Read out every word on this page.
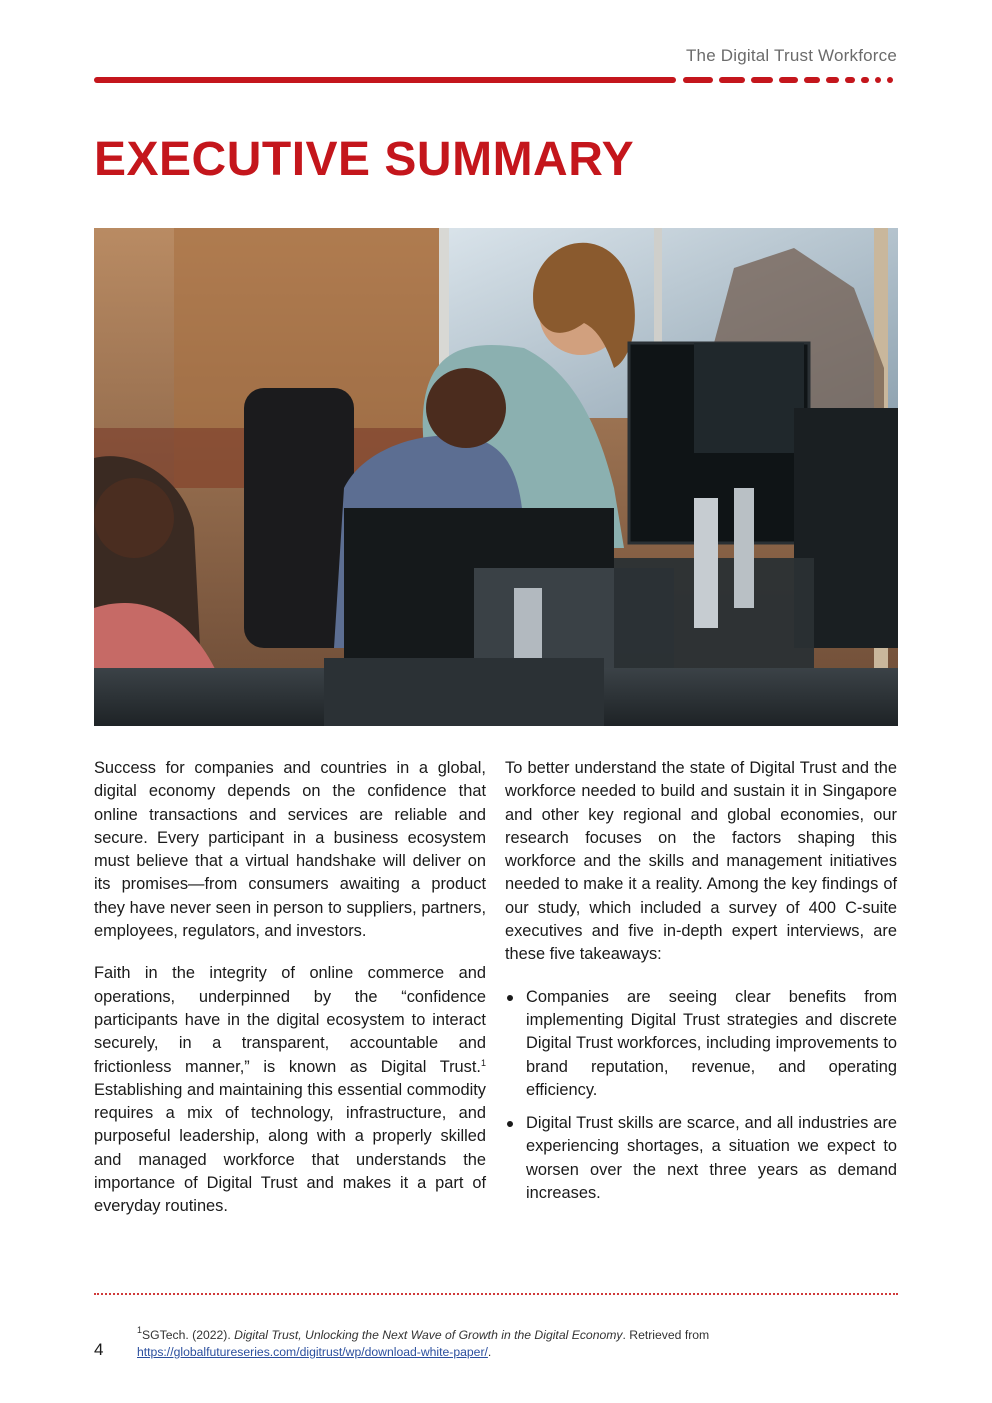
The Digital Trust Workforce
EXECUTIVE SUMMARY

Success for companies and countries in a global, digital economy depends on the confidence that online transactions and services are reliable and secure. Every participant in a business ecosystem must believe that a virtual handshake will deliver on its promises—from consumers awaiting a product they have never seen in person to suppliers, partners, employees, regulators, and investors.

Faith in the integrity of online commerce and operations, underpinned by the “confidence participants have in the digital ecosystem to interact securely, in a transparent, accountable and frictionless manner,” is known as Digital Trust.$^1$ Establishing and maintaining this essential commodity requires a mix of technology, infrastructure, and purposeful leadership, along with a properly skilled and managed workforce that understands the importance of Digital Trust and makes it a part of everyday routines.

To better understand the state of Digital Trust and the workforce needed to build and sustain it in Singapore and other key regional and global economies, our research focuses on the factors shaping this workforce and the skills and management initiatives needed to make it a reality. Among the key findings of our study, which included a survey of 400 C-suite executives and five in-depth expert interviews, are these five takeaways:

Companies are seeing clear benefits from implementing Digital Trust strategies and discrete Digital Trust workforces, including improvements to brand reputation, revenue, and operating efficiency.
Digital Trust skills are scarce, and all industries are experiencing shortages, a situation we expect to worsen over the next three years as demand increases.
4
$^1$SGTech. (2022). Digital Trust, Unlocking the Next Wave of Growth in the Digital Economy. Retrieved from https://globalfutureseries.com/digitrust/wp/download-white-paper/.
